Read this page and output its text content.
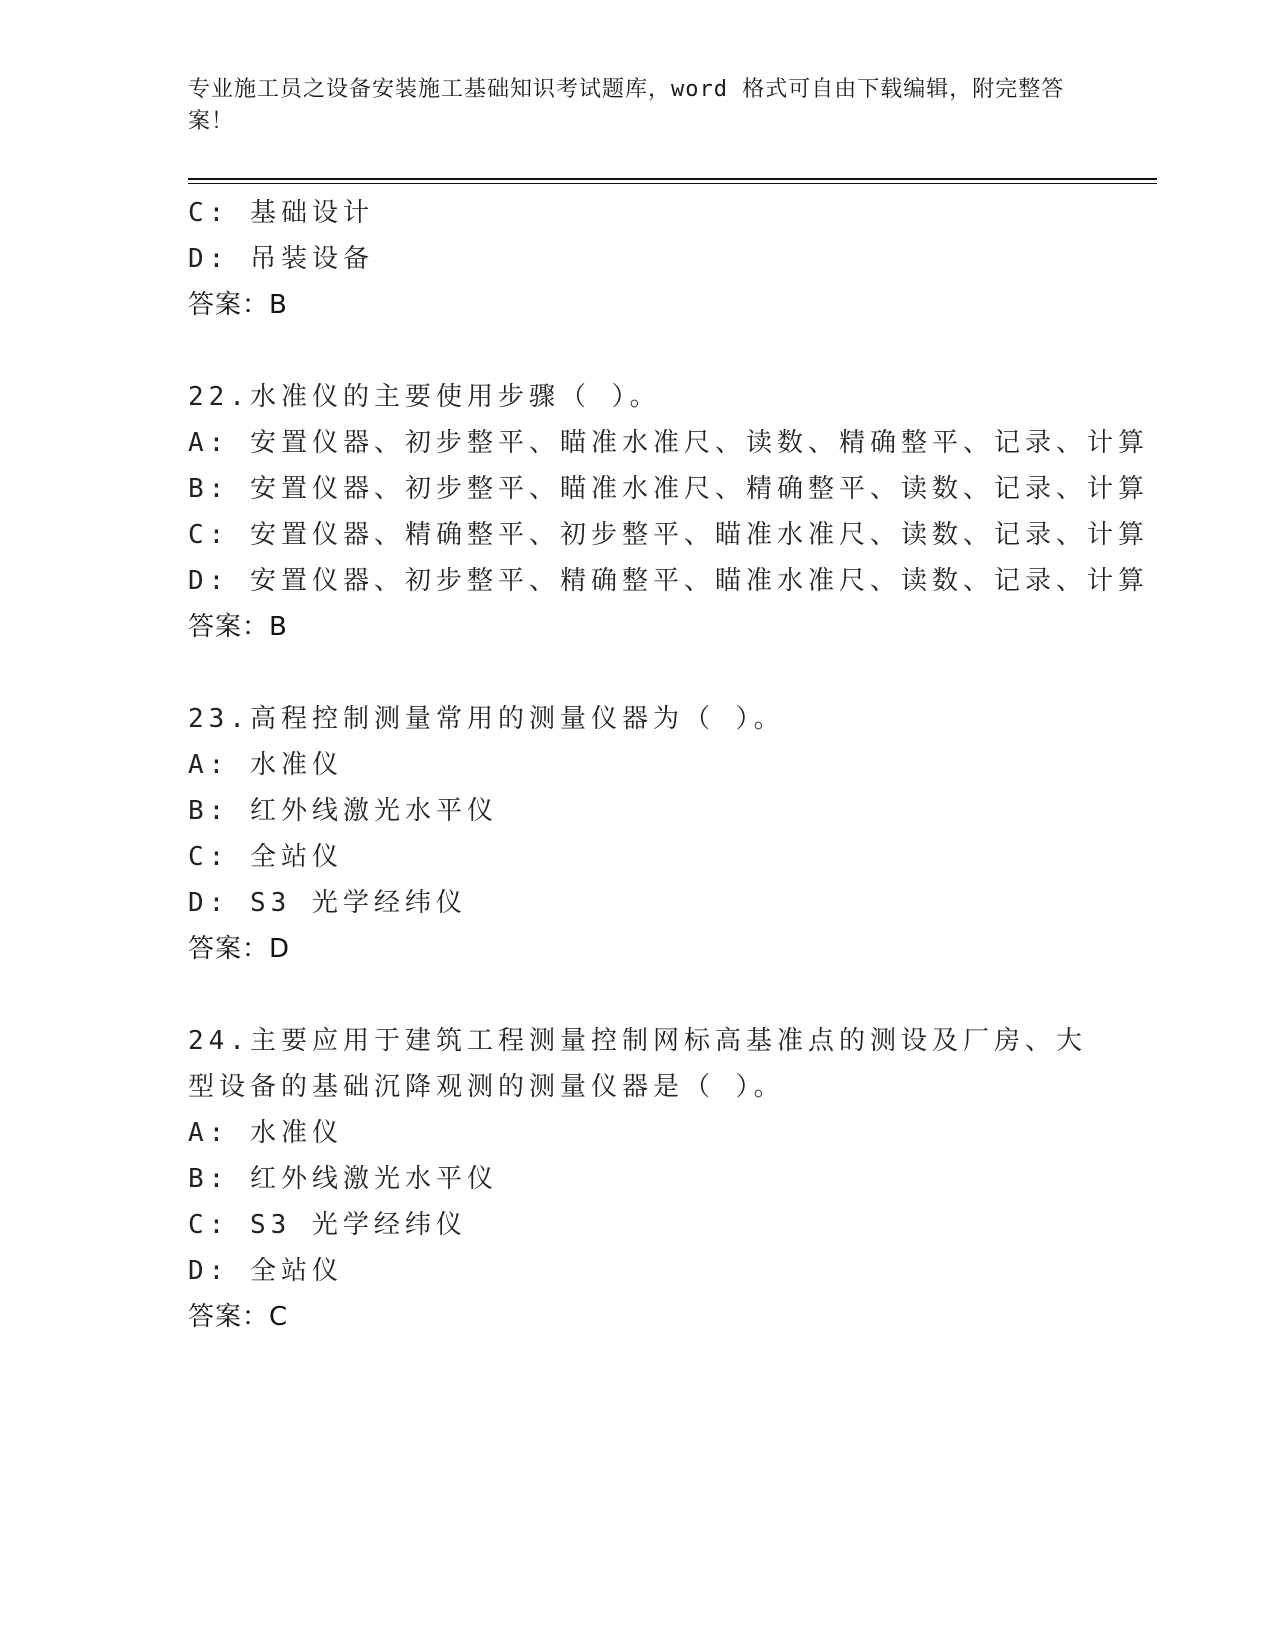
专业施工员之设备安装施工基础知识考试题库，word 格式可自由下载编辑，附完整答案！
C: 基础设计
D: 吊装设备
答案：B
22.水准仪的主要使用步骤（ ）。
A: 安置仪器、初步整平、瞄准水准尺、读数、精确整平、记录、计算
B: 安置仪器、初步整平、瞄准水准尺、精确整平、读数、记录、计算
C: 安置仪器、精确整平、初步整平、瞄准水准尺、读数、记录、计算
D: 安置仪器、初步整平、精确整平、瞄准水准尺、读数、记录、计算
答案：B
23.高程控制测量常用的测量仪器为（ ）。
A: 水准仪
B: 红外线激光水平仪
C: 全站仪
D: S3 光学经纬仪
答案：D
24.主要应用于建筑工程测量控制网标高基准点的测设及厂房、大型设备的基础沉降观测的测量仪器是（ ）。
A: 水准仪
B: 红外线激光水平仪
C: S3 光学经纬仪
D: 全站仪
答案：C
